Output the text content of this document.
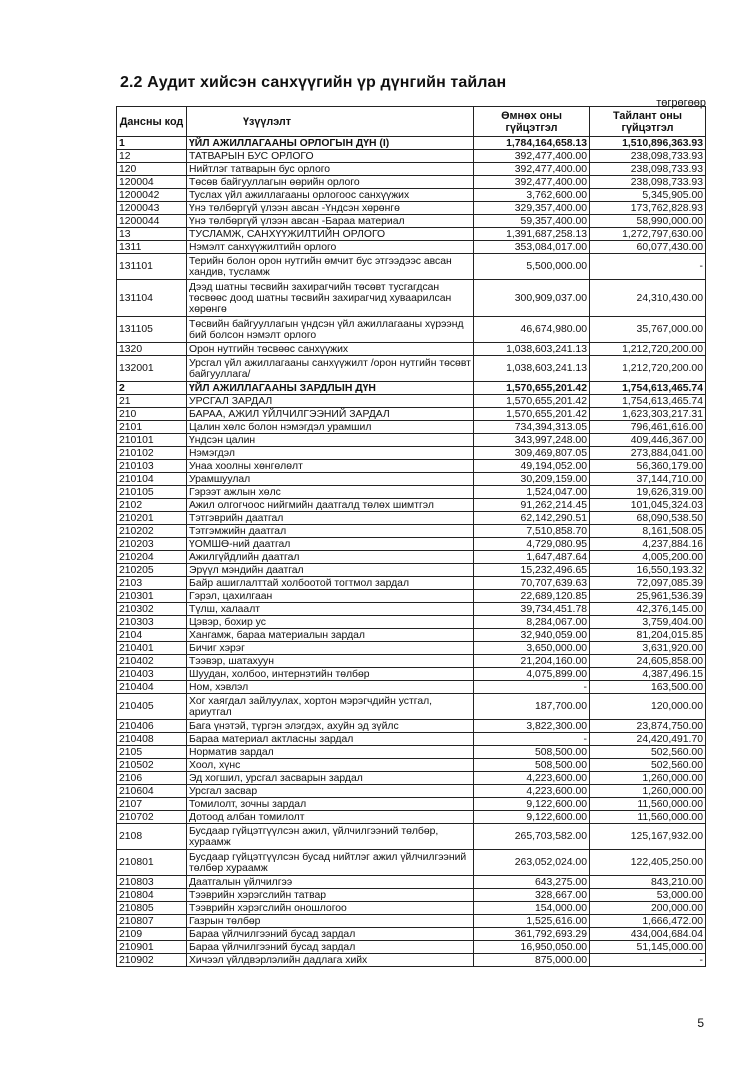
2.2 Аудит хийсэн санхүүгийн үр дүнгийн тайлан
төгрөгөөр
Дансны код	Үзүүлэлт	Өмнөх оны гүйцэтгэл	Тайлант оны гүйцэтгэл
1	ҮЙЛ АЖИЛЛАГААНЫ ОРЛОГЫН ДҮН (I)	1,784,164,658.13	1,510,896,363.93
12	ТАТВАРЫН БУС ОРЛОГО	392,477,400.00	238,098,733.93
120	Нийтлэг татварын бус орлого	392,477,400.00	238,098,733.93
120004	Төсөв байгууллагын өөрийн орлого	392,477,400.00	238,098,733.93
1200042	Туслах үйл ажиллагааны орлогоос санхүүжих	3,762,600.00	5,345,905.00
1200043	Үнэ төлбөргүй үлээн авсан -Үндсэн хөрөнгө	329,357,400.00	173,762,828.93
1200044	Үнэ төлбөргүй үлээн авсан -Бараа материал	59,357,400.00	58,990,000.00
13	ТУСЛАМЖ, САНХҮҮЖИЛТИЙН ОРЛОГО	1,391,687,258.13	1,272,797,630.00
1311	Нэмэлт санхүүжилтийн орлого	353,084,017.00	60,077,430.00
131101	Терийн болон орон нутгийн өмчит бус этгээдээс авсан хандив, тусламж	5,500,000.00	-
131104	Дээд шатны төсвийн захирагчийн төсөвт тусгагдсан төсвөөс доод шатны төсвийн захирагчид хуваарилсан хөрөнгө	300,909,037.00	24,310,430.00
131105	Төсвийн байгууллагын үндсэн үйл ажиллагааны хүрээнд бий болсон нэмэлт орлого	46,674,980.00	35,767,000.00
1320	Орон нутгийн төсвөөс санхүүжих	1,038,603,241.13	1,212,720,200.00
132001	Урсгал үйл ажиллагааны санхүүжилт /орон нутгийн төсөвт байгууллага/	1,038,603,241.13	1,212,720,200.00
2	ҮЙЛ АЖИЛЛАГААНЫ ЗАРДЛЫН ДҮН	1,570,655,201.42	1,754,613,465.74
21	УРСГАЛ ЗАРДАЛ	1,570,655,201.42	1,754,613,465.74
210	БАРАА, АЖИЛ ҮЙЛЧИЛГЭЭНИЙ ЗАРДАЛ	1,570,655,201.42	1,623,303,217.31
2101	Цалин хөлс болон нэмэгдэл урамшил	734,394,313.05	796,461,616.00
210101	Үндсэн цалин	343,997,248.00	409,446,367.00
210102	Нэмэгдэл	309,469,807.05	273,884,041.00
210103	Унаа хоолны хөнгөлөлт	49,194,052.00	56,360,179.00
210104	Урамшуулал	30,209,159.00	37,144,710.00
210105	Гэрээт ажлын хөлс	1,524,047.00	19,626,319.00
2102	Ажил олгогчоос нийгмийн даатгалд төлөх шимтгэл	91,262,214.45	101,045,324.03
210201	Тэтгэврийн даатгал	62,142,290.51	68,090,538.50
210202	Тэтгэмжийн даатгал	7,510,858.70	8,161,508.05
210203	ҮОМШӨ-ний даатгал	4,729,080.95	4,237,884.16
210204	Ажилгүйдлийн даатгал	1,647,487.64	4,005,200.00
210205	Эрүүл мэндийн даатгал	15,232,496.65	16,550,193.32
2103	Байр ашиглалттай холбоотой тогтмол зардал	70,707,639.63	72,097,085.39
210301	Гэрэл, цахилгаан	22,689,120.85	25,961,536.39
210302	Түлш, халаалт	39,734,451.78	42,376,145.00
210303	Цэвэр, бохир ус	8,284,067.00	3,759,404.00
2104	Хангамж, бараа материалын зардал	32,940,059.00	81,204,015.85
210401	Бичиг хэрэг	3,650,000.00	3,631,920.00
210402	Тээвэр, шатахуун	21,204,160.00	24,605,858.00
210403	Шуудан, холбоо, интернэтийн төлбөр	4,075,899.00	4,387,496.15
210404	Ном, хэвлэл	-	163,500.00
210405	Хог хаягдал зайлуулах, хортон мэрэгчдийн устгал, ариутгал	187,700.00	120,000.00
210406	Бага үнэтэй, түргэн элэгдэх, ахуйн эд зүйлс	3,822,300.00	23,874,750.00
210408	Бараа материал актласны зардал	-	24,420,491.70
2105	Норматив зардал	508,500.00	502,560.00
210502	Хоол, хүнс	508,500.00	502,560.00
2106	Эд хогшил, урсгал засварын зардал	4,223,600.00	1,260,000.00
210604	Урсгал засвар	4,223,600.00	1,260,000.00
2107	Томилолт, зочны зардал	9,122,600.00	11,560,000.00
210702	Дотоод албан томилолт	9,122,600.00	11,560,000.00
2108	Бусдаар гүйцэтгүүлсэн ажил, үйлчилгээний төлбөр, хураамж	265,703,582.00	125,167,932.00
210801	Бусдаар гүйцэтгүүлсэн бусад нийтлэг ажил үйлчилгээний төлбөр хураамж	263,052,024.00	122,405,250.00
210803	Даатгалын үйлчилгээ	643,275.00	843,210.00
210804	Тээврийн хэрэгслийн татвар	328,667.00	53,000.00
210805	Тээврийн хэрэгслийн оношлогоо	154,000.00	200,000.00
210807	Газрын төлбөр	1,525,616.00	1,666,472.00
2109	Бараа үйлчилгээний бусад зардал	361,792,693.29	434,004,684.04
210901	Бараа үйлчилгээний бусад зардал	16,950,050.00	51,145,000.00
210902	Хичээл үйлдвэрлэлийн дадлага хийх	875,000.00	-
5
